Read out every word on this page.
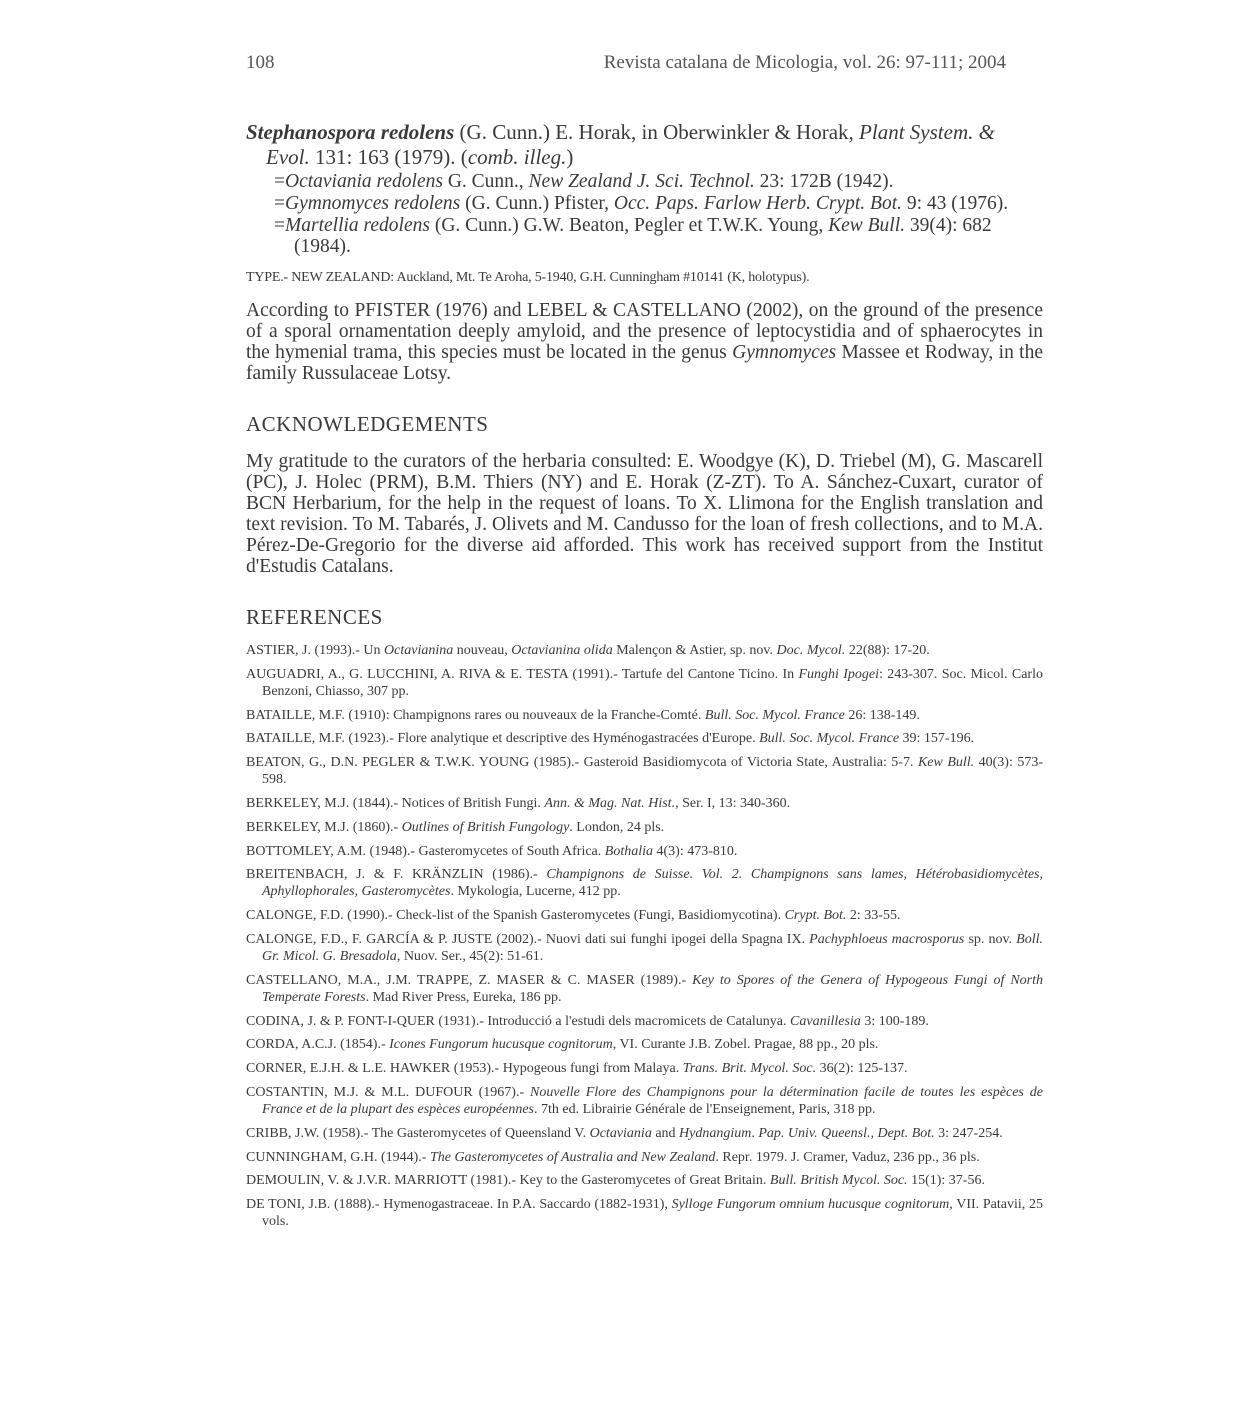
108	Revista catalana de Micologia, vol. 26: 97-111; 2004

Stephanospora redolens (G. Cunn.) E. Horak, in Oberwinkler & Horak, Plant System. & Evol. 131: 163 (1979). (comb. illeg.)

=Octaviania redolens G. Cunn., New Zealand J. Sci. Technol. 23: 172B (1942).

=Gymnomyces redolens (G. Cunn.) Pfister, Occ. Paps. Farlow Herb. Crypt. Bot. 9: 43 (1976).

=Martellia redolens (G. Cunn.) G.W. Beaton, Pegler et T.W.K. Young, Kew Bull. 39(4): 682 (1984).

TYPE.- NEW ZEALAND: Auckland, Mt. Te Aroha, 5-1940, G.H. Cunningham #10141 (K, holotypus).

According to PFISTER (1976) and LEBEL & CASTELLANO (2002), on the ground of the presence of a sporal ornamentation deeply amyloid, and the presence of leptocystidia and of sphaerocytes in the hymenial trama, this species must be located in the genus Gymnomyces Massee et Rodway, in the family Russulaceae Lotsy.

ACKNOWLEDGEMENTS

My gratitude to the curators of the herbaria consulted: E. Woodgye (K), D. Triebel (M), G. Mascarell (PC), J. Holec (PRM), B.M. Thiers (NY) and E. Horak (Z-ZT). To A. Sánchez-Cuxart, curator of BCN Herbarium, for the help in the request of loans. To X. Llimona for the English translation and text revision. To M. Tabarés, J. Olivets and M. Candusso for the loan of fresh collections, and to M.A. Pérez-De-Gregorio for the diverse aid afforded. This work has received support from the Institut d'Estudis Catalans.

REFERENCES
ASTIER, J. (1993).- Un Octavianina nouveau, Octavianina olida Malençon & Astier, sp. nov. Doc. Mycol. 22(88): 17-20.
AUGUADRI, A., G. LUCCHINI, A. RIVA & E. TESTA (1991).- Tartufe del Cantone Ticino. In Funghi Ipogei: 243-307. Soc. Micol. Carlo Benzoni, Chiasso, 307 pp.
BATAILLE, M.F. (1910): Champignons rares ou nouveaux de la Franche-Comté. Bull. Soc. Mycol. France 26: 138-149.
BATAILLE, M.F. (1923).- Flore analytique et descriptive des Hyménogastracées d'Europe. Bull. Soc. Mycol. France 39: 157-196.
BEATON, G., D.N. PEGLER & T.W.K. YOUNG (1985).- Gasteroid Basidiomycota of Victoria State, Australia: 5-7. Kew Bull. 40(3): 573-598.
BERKELEY, M.J. (1844).- Notices of British Fungi. Ann. & Mag. Nat. Hist., Ser. I, 13: 340-360.
BERKELEY, M.J. (1860).- Outlines of British Fungology. London, 24 pls.
BOTTOMLEY, A.M. (1948).- Gasteromycetes of South Africa. Bothalia 4(3): 473-810.
BREITENBACH, J. & F. KRÄNZLIN (1986).- Champignons de Suisse. Vol. 2. Champignons sans lames, Hétérobasidiomycètes, Aphyllophorales, Gasteromycètes. Mykologia, Lucerne, 412 pp.
CALONGE, F.D. (1990).- Check-list of the Spanish Gasteromycetes (Fungi, Basidiomycotina). Crypt. Bot. 2: 33-55.
CALONGE, F.D., F. GARCÍA & P. JUSTE (2002).- Nuovi dati sui funghi ipogei della Spagna IX. Pachyphloeus macrosporus sp. nov. Boll. Gr. Micol. G. Bresadola, Nuov. Ser., 45(2): 51-61.
CASTELLANO, M.A., J.M. TRAPPE, Z. MASER & C. MASER (1989).- Key to Spores of the Genera of Hypogeous Fungi of North Temperate Forests. Mad River Press, Eureka, 186 pp.
CODINA, J. & P. FONT-I-QUER (1931).- Introducció a l'estudi dels macromicets de Catalunya. Cavanillesia 3: 100-189.
CORDA, A.C.J. (1854).- Icones Fungorum hucusque cognitorum, VI. Curante J.B. Zobel. Pragae, 88 pp., 20 pls.
CORNER, E.J.H. & L.E. HAWKER (1953).- Hypogeous fungi from Malaya. Trans. Brit. Mycol. Soc. 36(2): 125-137.
COSTANTIN, M.J. & M.L. DUFOUR (1967).- Nouvelle Flore des Champignons pour la détermination facile de toutes les espèces de France et de la plupart des espèces européennes. 7th ed. Librairie Générale de l'Enseignement, Paris, 318 pp.
CRIBB, J.W. (1958).- The Gasteromycetes of Queensland V. Octaviania and Hydnangium. Pap. Univ. Queensl., Dept. Bot. 3: 247-254.
CUNNINGHAM, G.H. (1944).- The Gasteromycetes of Australia and New Zealand. Repr. 1979. J. Cramer, Vaduz, 236 pp., 36 pls.
DEMOULIN, V. & J.V.R. MARRIOTT (1981).- Key to the Gasteromycetes of Great Britain. Bull. British Mycol. Soc. 15(1): 37-56.
DE TONI, J.B. (1888).- Hymenogastraceae. In P.A. Saccardo (1882-1931), Sylloge Fungorum omnium hucusque cognitorum, VII. Patavii, 25 vols.
